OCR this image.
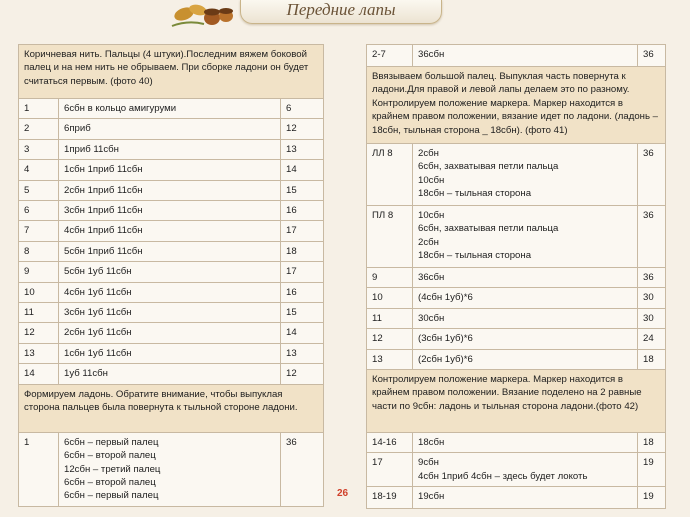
Передние лапы
Коричневая нить. Пальцы (4 штуки).Последним вяжем боковой палец и на нем нить не обрываем. При сборке ладони он будет считаться первым. (фото 40)		
1	6сбн в кольцо амигуруми	6
2	6приб	12
3	1приб 11сбн	13
4	1сбн 1приб 11сбн	14
5	2сбн 1приб 11сбн	15
6	3сбн 1приб 11сбн	16
7	4сбн 1приб 11сбн	17
8	5сбн 1приб 11сбн	18
9	5сбн 1уб 11сбн	17
10	4сбн 1уб 11сбн	16
11	3сбн 1уб 11сбн	15
12	2сбн 1уб 11сбн	14
13	1сбн 1уб 11сбн	13
14	1уб 11сбн	12
Формируем ладонь. Обратите внимание, чтобы выпуклая сторона пальцев была повернута к тыльной стороне ладони.		
1	6сбн – первый палец
6сбн – второй палец
12сбн – третий палец
6сбн – второй палец
6сбн – первый палец	36
2-7	36сбн	36
Ввязываем большой палец. Выпуклая часть повернута к ладони.Для правой и левой лапы делаем это по разному. Контролируем положение маркера. Маркер находится в крайнем правом положении, вязание идет по ладони. (ладонь – 18сбн, тыльная сторона _ 18сбн). (фото 41)		
ЛЛ 8	2сбн
6сбн, захватывая петли пальца
10сбн
18сбн – тыльная сторона	36
ПЛ 8	10сбн
6сбн, захватывая петли пальца
2сбн
18сбн – тыльная сторона	36
9	36сбн	36
10	(4сбн 1уб)*6	30
11	30сбн	30
12	(3сбн 1уб)*6	24
13	(2сбн 1уб)*6	18
Контролируем положение маркера. Маркер находится в крайнем правом положении. Вязание поделено на 2 равные части по 9сбн: ладонь и тыльная сторона ладони.(фото 42)		
14-16	18сбн	18
17	9сбн
4сбн 1приб 4сбн – здесь будет локоть	19
18-19	19сбн	19
26
